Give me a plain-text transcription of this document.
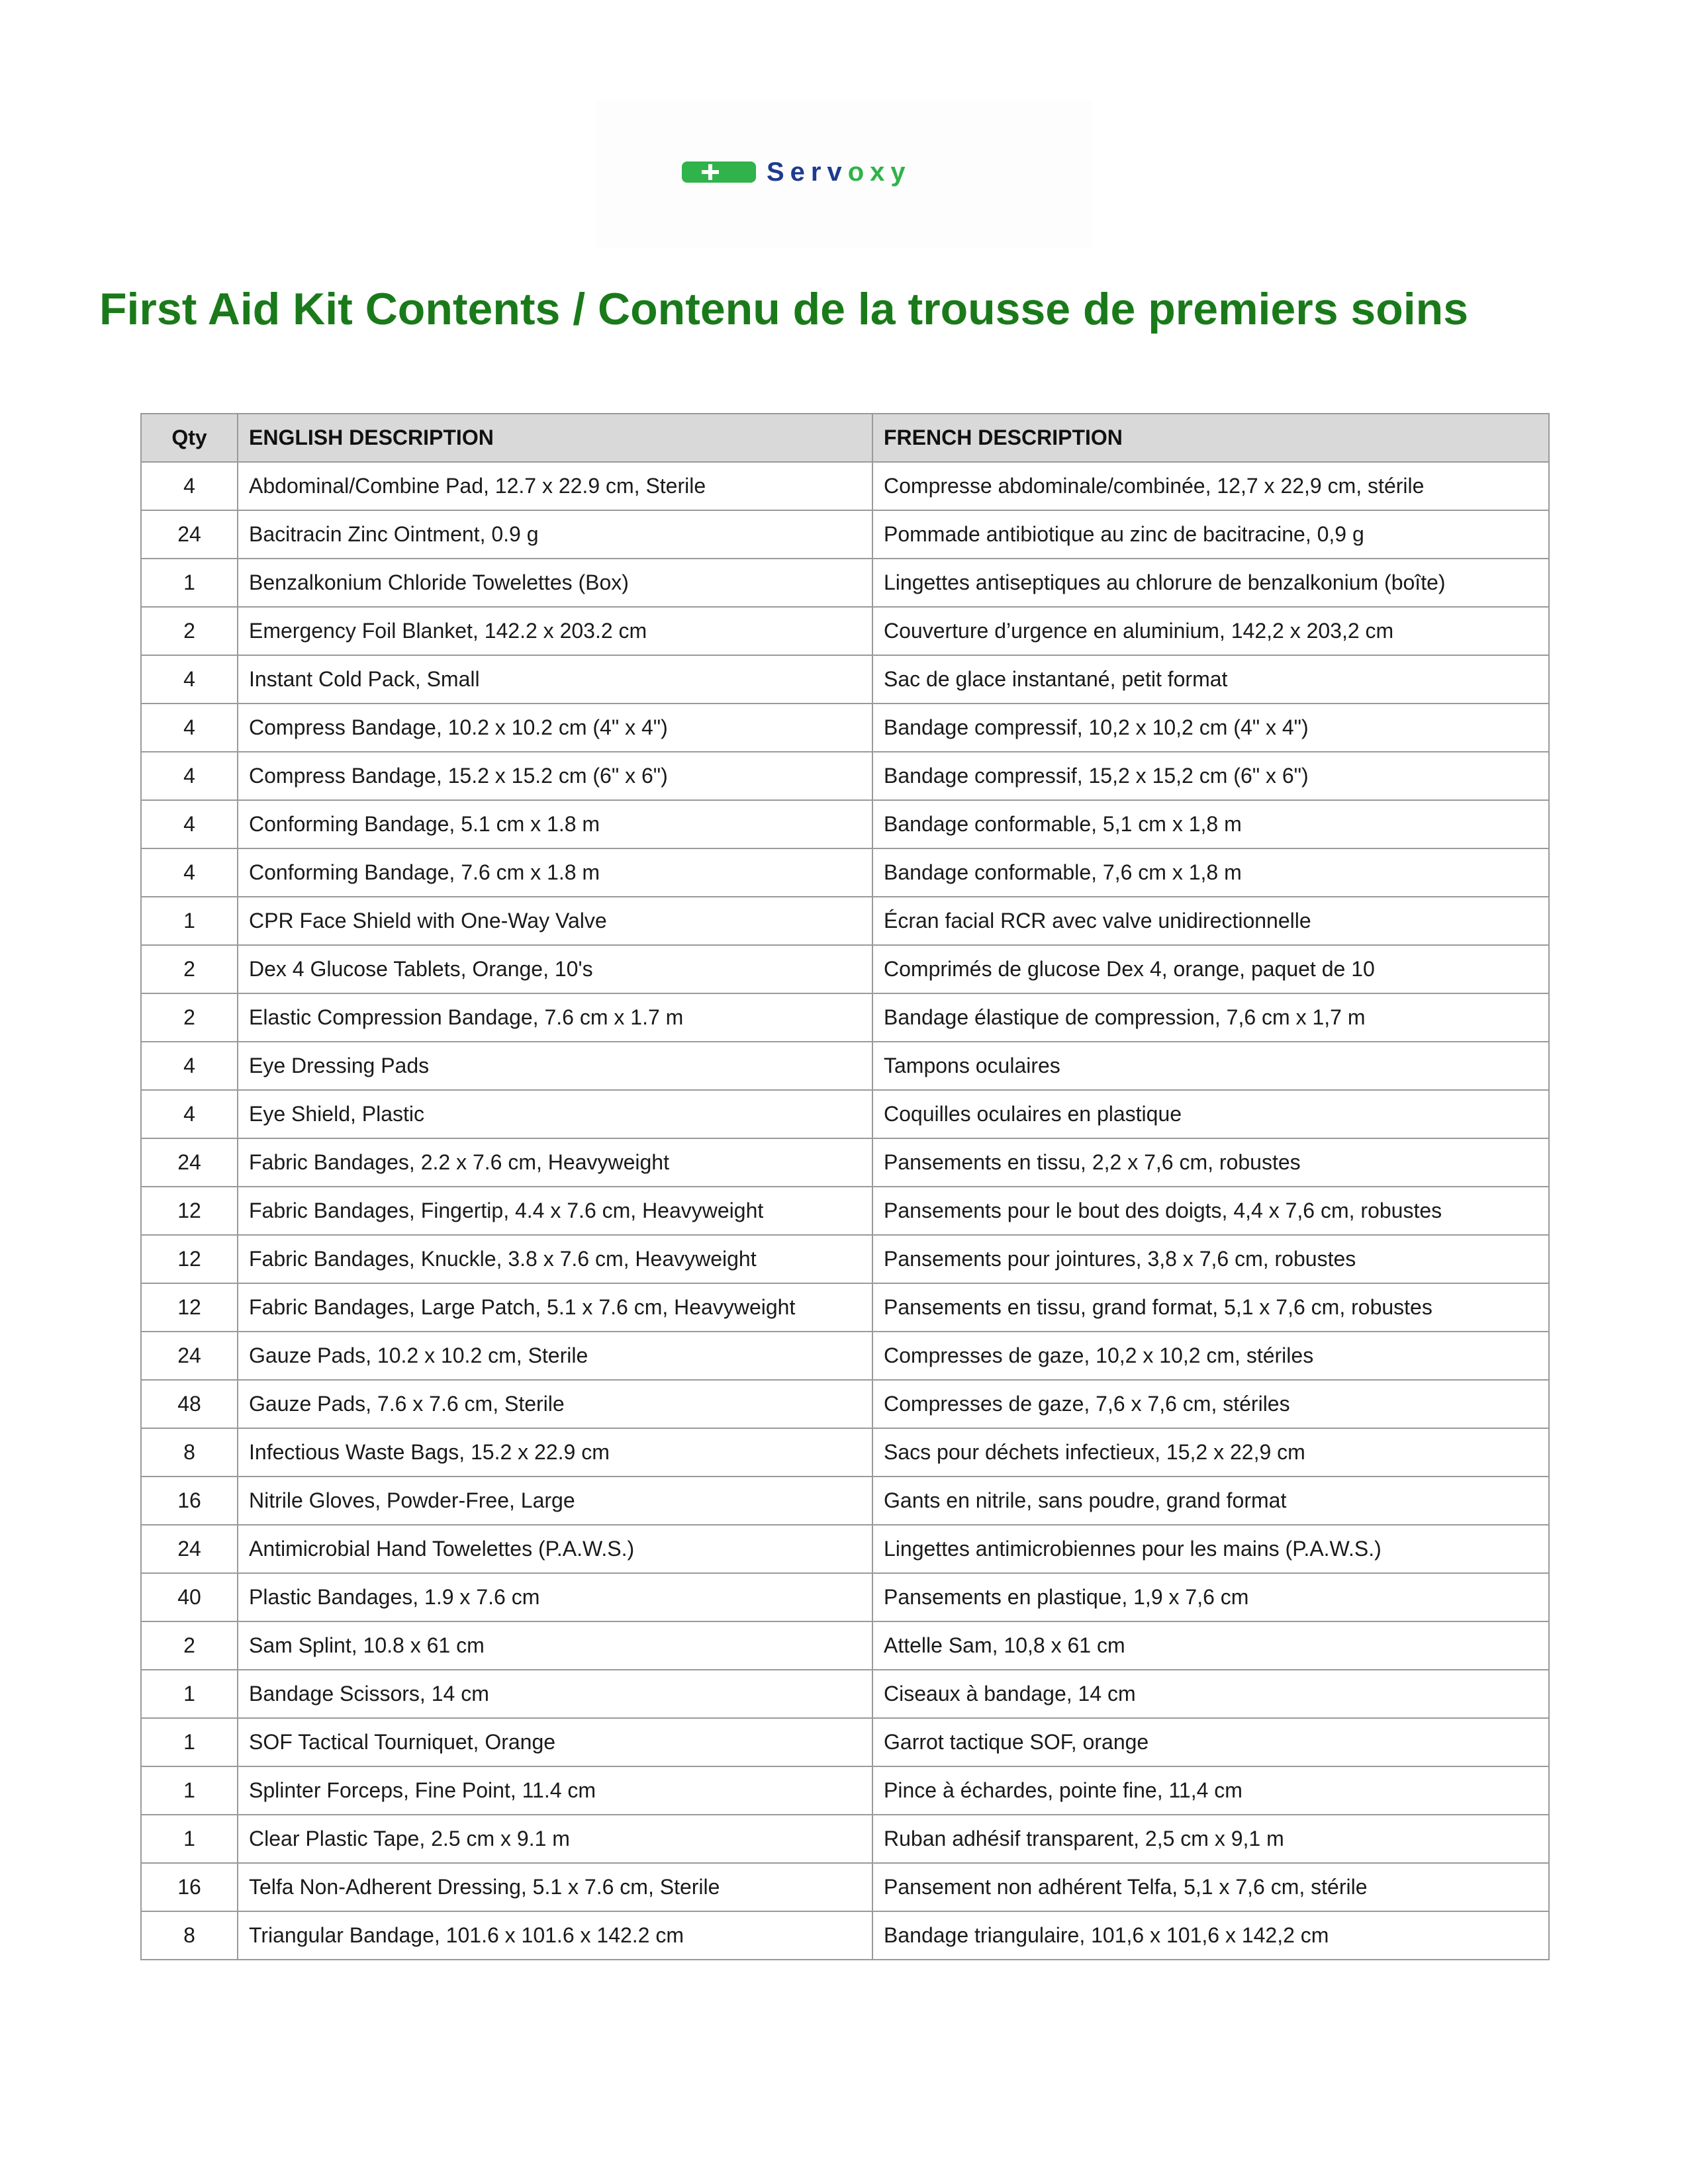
Servoxy
First Aid Kit Contents / Contenu de la trousse de premiers soins
Qty	ENGLISH DESCRIPTION	FRENCH DESCRIPTION
4	Abdominal/Combine Pad, 12.7 x 22.9 cm, Sterile	Compresse abdominale/combinée, 12,7 x 22,9 cm, stérile
24	Bacitracin Zinc Ointment, 0.9 g	Pommade antibiotique au zinc de bacitracine, 0,9 g
1	Benzalkonium Chloride Towelettes (Box)	Lingettes antiseptiques au chlorure de benzalkonium (boîte)
2	Emergency Foil Blanket, 142.2 x 203.2 cm	Couverture d’urgence en aluminium, 142,2 x 203,2 cm
4	Instant Cold Pack, Small	Sac de glace instantané, petit format
4	Compress Bandage, 10.2 x 10.2 cm (4" x 4")	Bandage compressif, 10,2 x 10,2 cm (4" x 4")
4	Compress Bandage, 15.2 x 15.2 cm (6" x 6")	Bandage compressif, 15,2 x 15,2 cm (6" x 6")
4	Conforming Bandage, 5.1 cm x 1.8 m	Bandage conformable, 5,1 cm x 1,8 m
4	Conforming Bandage, 7.6 cm x 1.8 m	Bandage conformable, 7,6 cm x 1,8 m
1	CPR Face Shield with One-Way Valve	Écran facial RCR avec valve unidirectionnelle
2	Dex 4 Glucose Tablets, Orange, 10's	Comprimés de glucose Dex 4, orange, paquet de 10
2	Elastic Compression Bandage, 7.6 cm x 1.7 m	Bandage élastique de compression, 7,6 cm x 1,7 m
4	Eye Dressing Pads	Tampons oculaires
4	Eye Shield, Plastic	Coquilles oculaires en plastique
24	Fabric Bandages, 2.2 x 7.6 cm, Heavyweight	Pansements en tissu, 2,2 x 7,6 cm, robustes
12	Fabric Bandages, Fingertip, 4.4 x 7.6 cm, Heavyweight	Pansements pour le bout des doigts, 4,4 x 7,6 cm, robustes
12	Fabric Bandages, Knuckle, 3.8 x 7.6 cm, Heavyweight	Pansements pour jointures, 3,8 x 7,6 cm, robustes
12	Fabric Bandages, Large Patch, 5.1 x 7.6 cm, Heavyweight	Pansements en tissu, grand format, 5,1 x 7,6 cm, robustes
24	Gauze Pads, 10.2 x 10.2 cm, Sterile	Compresses de gaze, 10,2 x 10,2 cm, stériles
48	Gauze Pads, 7.6 x 7.6 cm, Sterile	Compresses de gaze, 7,6 x 7,6 cm, stériles
8	Infectious Waste Bags, 15.2 x 22.9 cm	Sacs pour déchets infectieux, 15,2 x 22,9 cm
16	Nitrile Gloves, Powder-Free, Large	Gants en nitrile, sans poudre, grand format
24	Antimicrobial Hand Towelettes (P.A.W.S.)	Lingettes antimicrobiennes pour les mains (P.A.W.S.)
40	Plastic Bandages, 1.9 x 7.6 cm	Pansements en plastique, 1,9 x 7,6 cm
2	Sam Splint, 10.8 x 61 cm	Attelle Sam, 10,8 x 61 cm
1	Bandage Scissors, 14 cm	Ciseaux à bandage, 14 cm
1	SOF Tactical Tourniquet, Orange	Garrot tactique SOF, orange
1	Splinter Forceps, Fine Point, 11.4 cm	Pince à échardes, pointe fine, 11,4 cm
1	Clear Plastic Tape, 2.5 cm x 9.1 m	Ruban adhésif transparent, 2,5 cm x 9,1 m
16	Telfa Non-Adherent Dressing, 5.1 x 7.6 cm, Sterile	Pansement non adhérent Telfa, 5,1 x 7,6 cm, stérile
8	Triangular Bandage, 101.6 x 101.6 x 142.2 cm	Bandage triangulaire, 101,6 x 101,6 x 142,2 cm
